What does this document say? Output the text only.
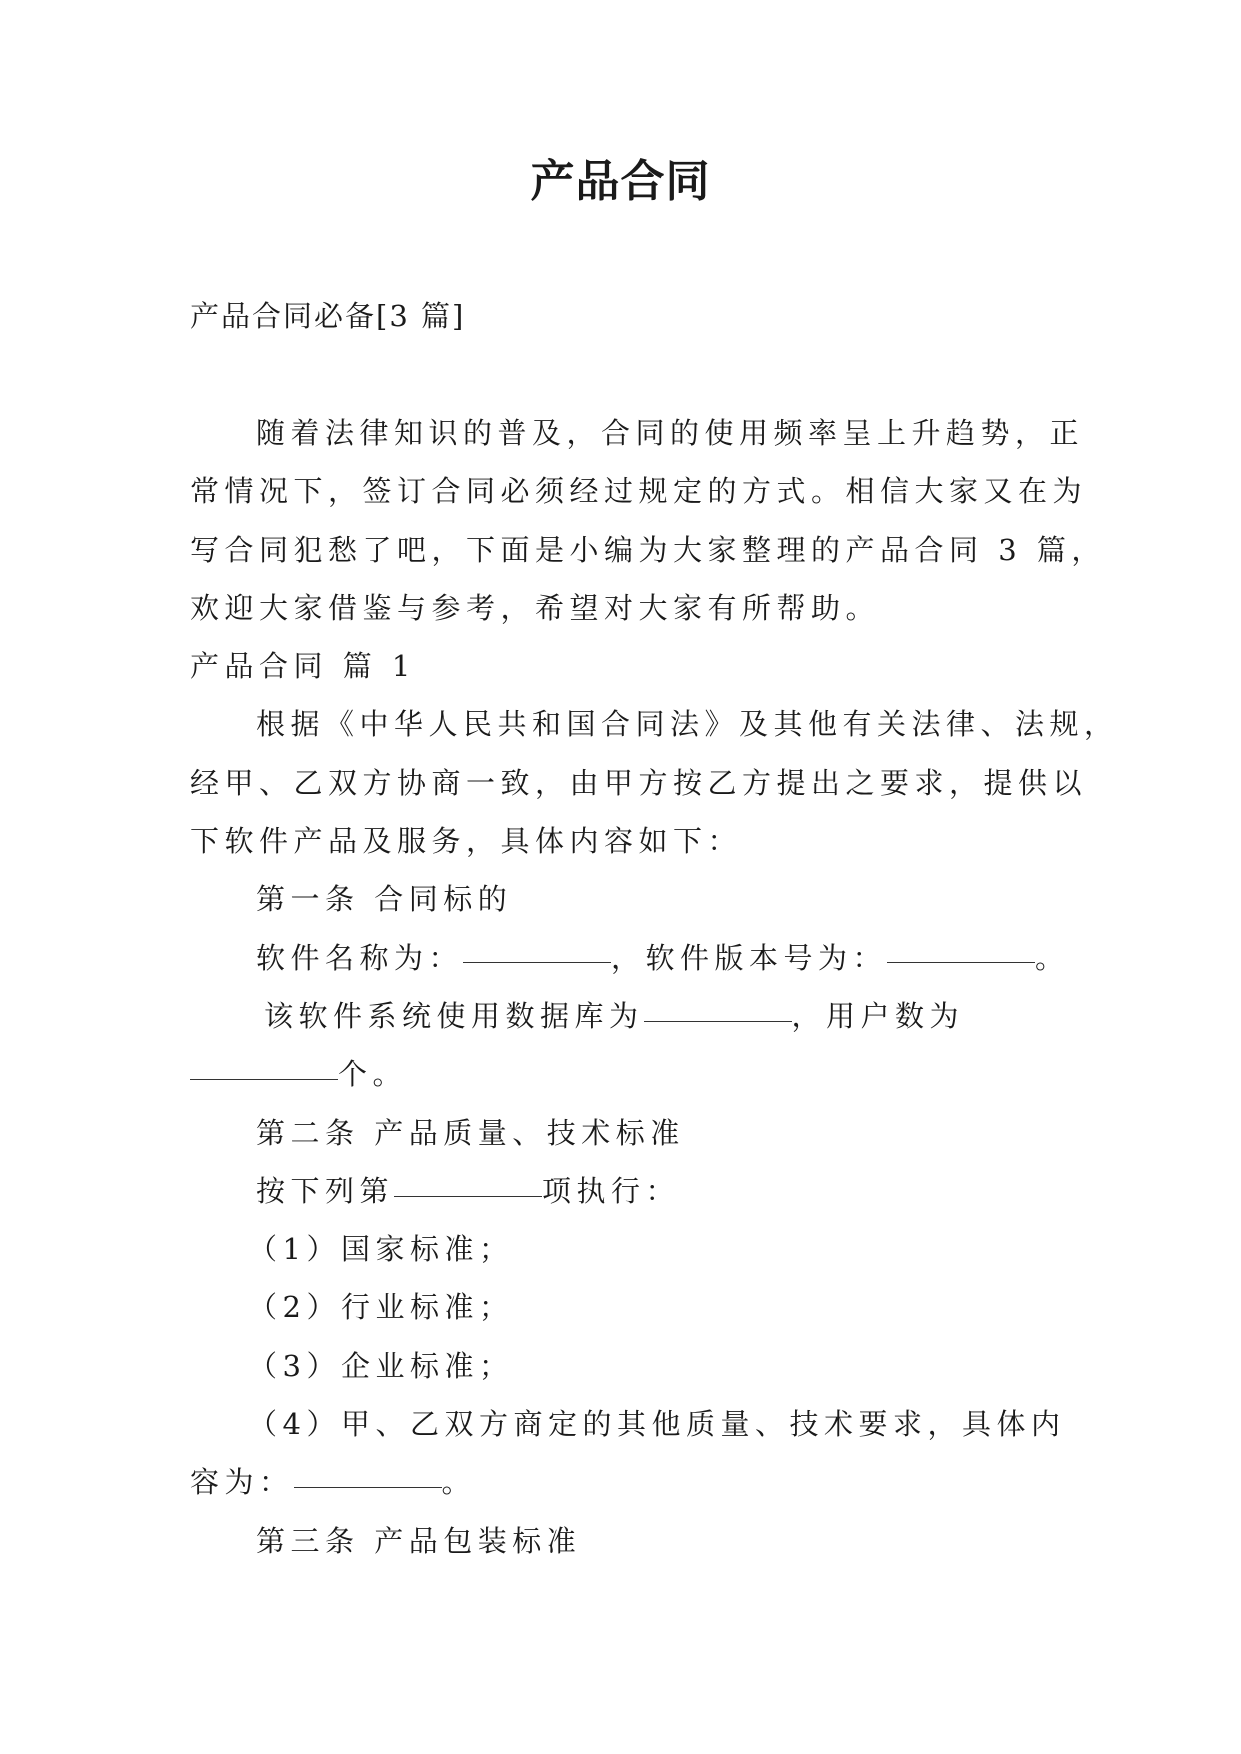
产品合同

产品合同必备[3 篇]

随着法律知识的普及，合同的使用频率呈上升趋势，正

常情况下，签订合同必须经过规定的方式。相信大家又在为

写合同犯愁了吧，下面是小编为大家整理的产品合同 3 篇，

欢迎大家借鉴与参考，希望对大家有所帮助。

产品合同 篇 1

根据《中华人民共和国合同法》及其他有关法律、法规，

经甲、乙双方协商一致，由甲方按乙方提出之要求，提供以

下软件产品及服务，具体内容如下：

第一条 合同标的

软件名称为：	，软件版本号为：	。

该软件系统使用数据库为	，用户数为

个。

第二条 产品质量、技术标准

按下列第	项执行：

（1）国家标准；

（2）行业标准；

（3）企业标准；

（4）甲、乙双方商定的其他质量、技术要求，具体内

容为：	。

第三条 产品包装标准
